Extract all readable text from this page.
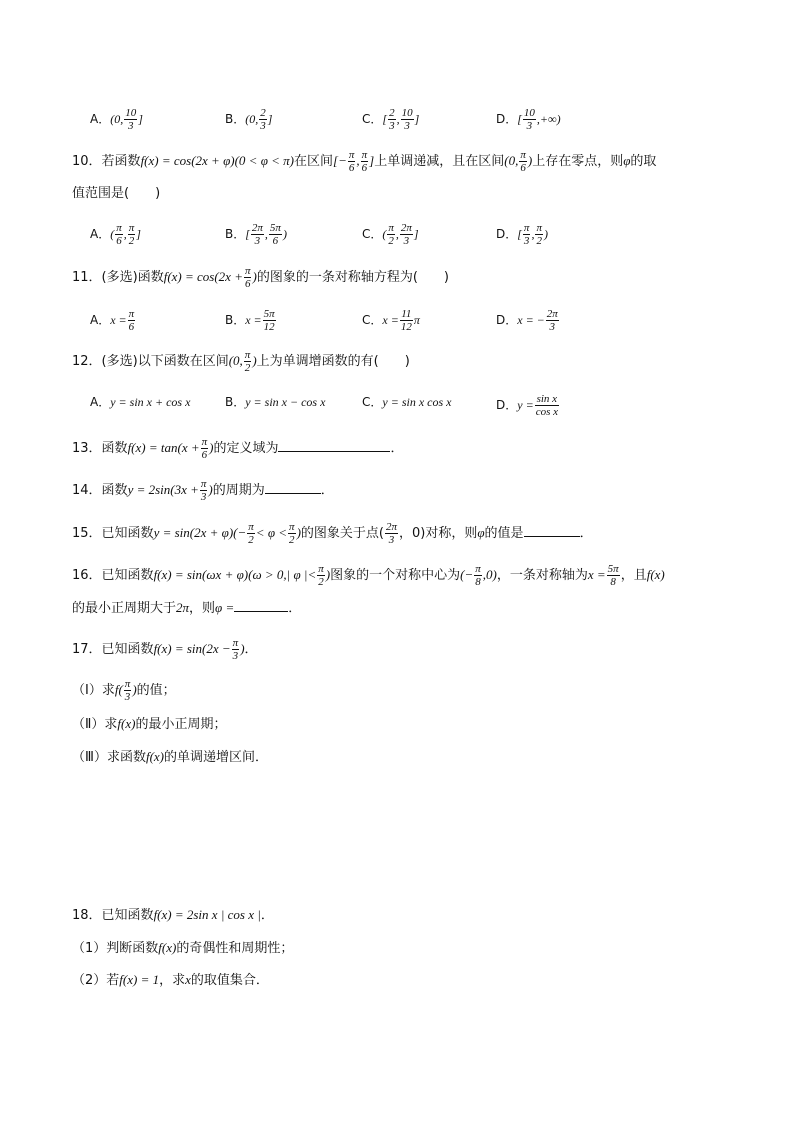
A．(0, $\frac{10}{3}$ ]	B．(0, $\frac{2}{3}$ ]	C．[ $\frac{2}{3}$ , $\frac{10}{3}$ ]	D．[ $\frac{10}{3}$ ,+∞)
10．若函数f(x) = cos(2x + φ)(0 < φ < π)在区间[− $\frac{\pi}{6}$ , $\frac{\pi}{6}$ ]上单调递减，且在区间(0, $\frac{\pi}{6}$ )上存在零点，则φ的取
值范围是(　　)
A．( $\frac{\pi}{6}$ , $\frac{\pi}{2}$ ]	B．[ $\frac{2\pi}{3}$ , $\frac{5\pi}{6}$ )	C．( $\frac{\pi}{2}$ , $\frac{2\pi}{3}$ ]	D．[ $\frac{\pi}{3}$ , $\frac{\pi}{2}$ )
11．(多选)函数$f(x) = \cos(2x + \frac{\pi}{6}$ )的图象的一条对称轴方程为(　　)
A．$x = \frac{\pi}{6}$	B．$x = \frac{5\pi}{12}$	C．$x = \frac{11}{12}$ π	D．x = − $\frac{2\pi}{3}$
12．(多选)以下函数在区间(0, $\frac{\pi}{2}$ )上为单调增函数的有(　　)
A．y = sin x + cos x	B．y = sin x − cos x	C．y = sin x cos x	D．$y = \frac{\text{sin x}}{\text{cos x}}$
13．函数$f(x) = \tan(x + \frac{\pi}{6}$ )的定义域为	．
14．函数$y = 2\sin(3x + \frac{\pi}{3}$ )的周期为	．
15．已知函数$y = \sin(2x + \varphi)(- \frac{\pi}{2} < \varphi < \frac{\pi}{2}$ )的图象关于点( $\frac{2\pi}{3}$ ，0)对称，则φ的值是	．
16．已知函数f(x) = sin(ωx + φ)(ω > 0,| φ |< $\frac{\pi}{2}$ )图象的一个对称中心为(− $\frac{\pi}{8} ,0$)，一条对称轴为$x = \frac{5\pi}{8}$ ，且f(x)
的最小正周期大于2π，则φ =	．
17．已知函数$f(x) = \sin(2x - \frac{\pi}{3}$ )．
（Ⅰ）求$f( \frac{\pi}{3}$ )的值；
（Ⅱ）求f(x)的最小正周期；
（Ⅲ）求函数f(x)的单调递增区间．
18．已知函数f(x) = 2sin x | cos x |．
（1）判断函数f(x)的奇偶性和周期性；
（2）若f(x) = 1，求x的取值集合．
